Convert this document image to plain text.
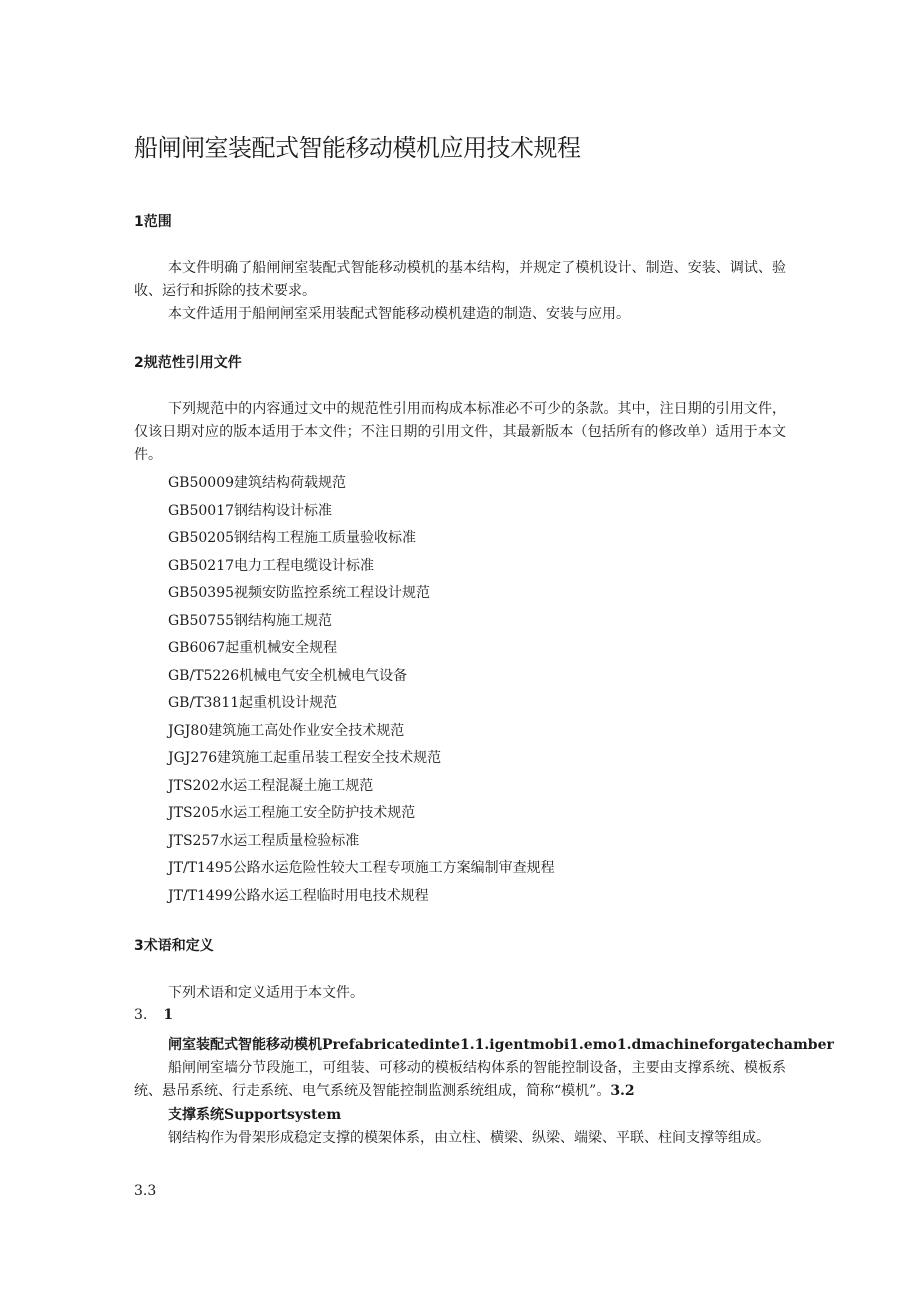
船闸闸室装配式智能移动模机应用技术规程
1范围

本文件明确了船闸闸室装配式智能移动模机的基本结构，并规定了模机设计、制造、安装、调试、验收、运行和拆除的技术要求。

本文件适用于船闸闸室采用装配式智能移动模机建造的制造、安装与应用。

2规范性引用文件

下列规范中的内容通过文中的规范性引用而构成本标准必不可少的条款。其中，注日期的引用文件，仅该日期对应的版本适用于本文件；不注日期的引用文件，其最新版本（包括所有的修改单）适用于本文件。

GB50009建筑结构荷载规范
GB50017钢结构设计标准
GB50205钢结构工程施工质量验收标准
GB50217电力工程电缆设计标准
GB50395视频安防监控系统工程设计规范
GB50755钢结构施工规范
GB6067起重机械安全规程
GB/T5226机械电气安全机械电气设备
GB/T3811起重机设计规范
JGJ80建筑施工高处作业安全技术规范
JGJ276建筑施工起重吊装工程安全技术规范
JTS202水运工程混凝土施工规范
JTS205水运工程施工安全防护技术规范
JTS257水运工程质量检验标准
JT/T1495公路水运危险性较大工程专项施工方案编制审查规程
JT/T1499公路水运工程临时用电技术规程
3术语和定义

下列术语和定义适用于本文件。

3. 1

闸室装配式智能移动模机Prefabricatedinte1.1.igentmobi1.emo1.dmachineforgatechamber

船闸闸室墙分节段施工，可组装、可移动的模板结构体系的智能控制设备，主要由支撑系统、模板系统、悬吊系统、行走系统、电气系统及智能控制监测系统组成，简称“模机”。3.2

支撑系统Supportsystem

钢结构作为骨架形成稳定支撑的模架体系，由立柱、横梁、纵梁、端梁、平联、柱间支撑等组成。

3.3
